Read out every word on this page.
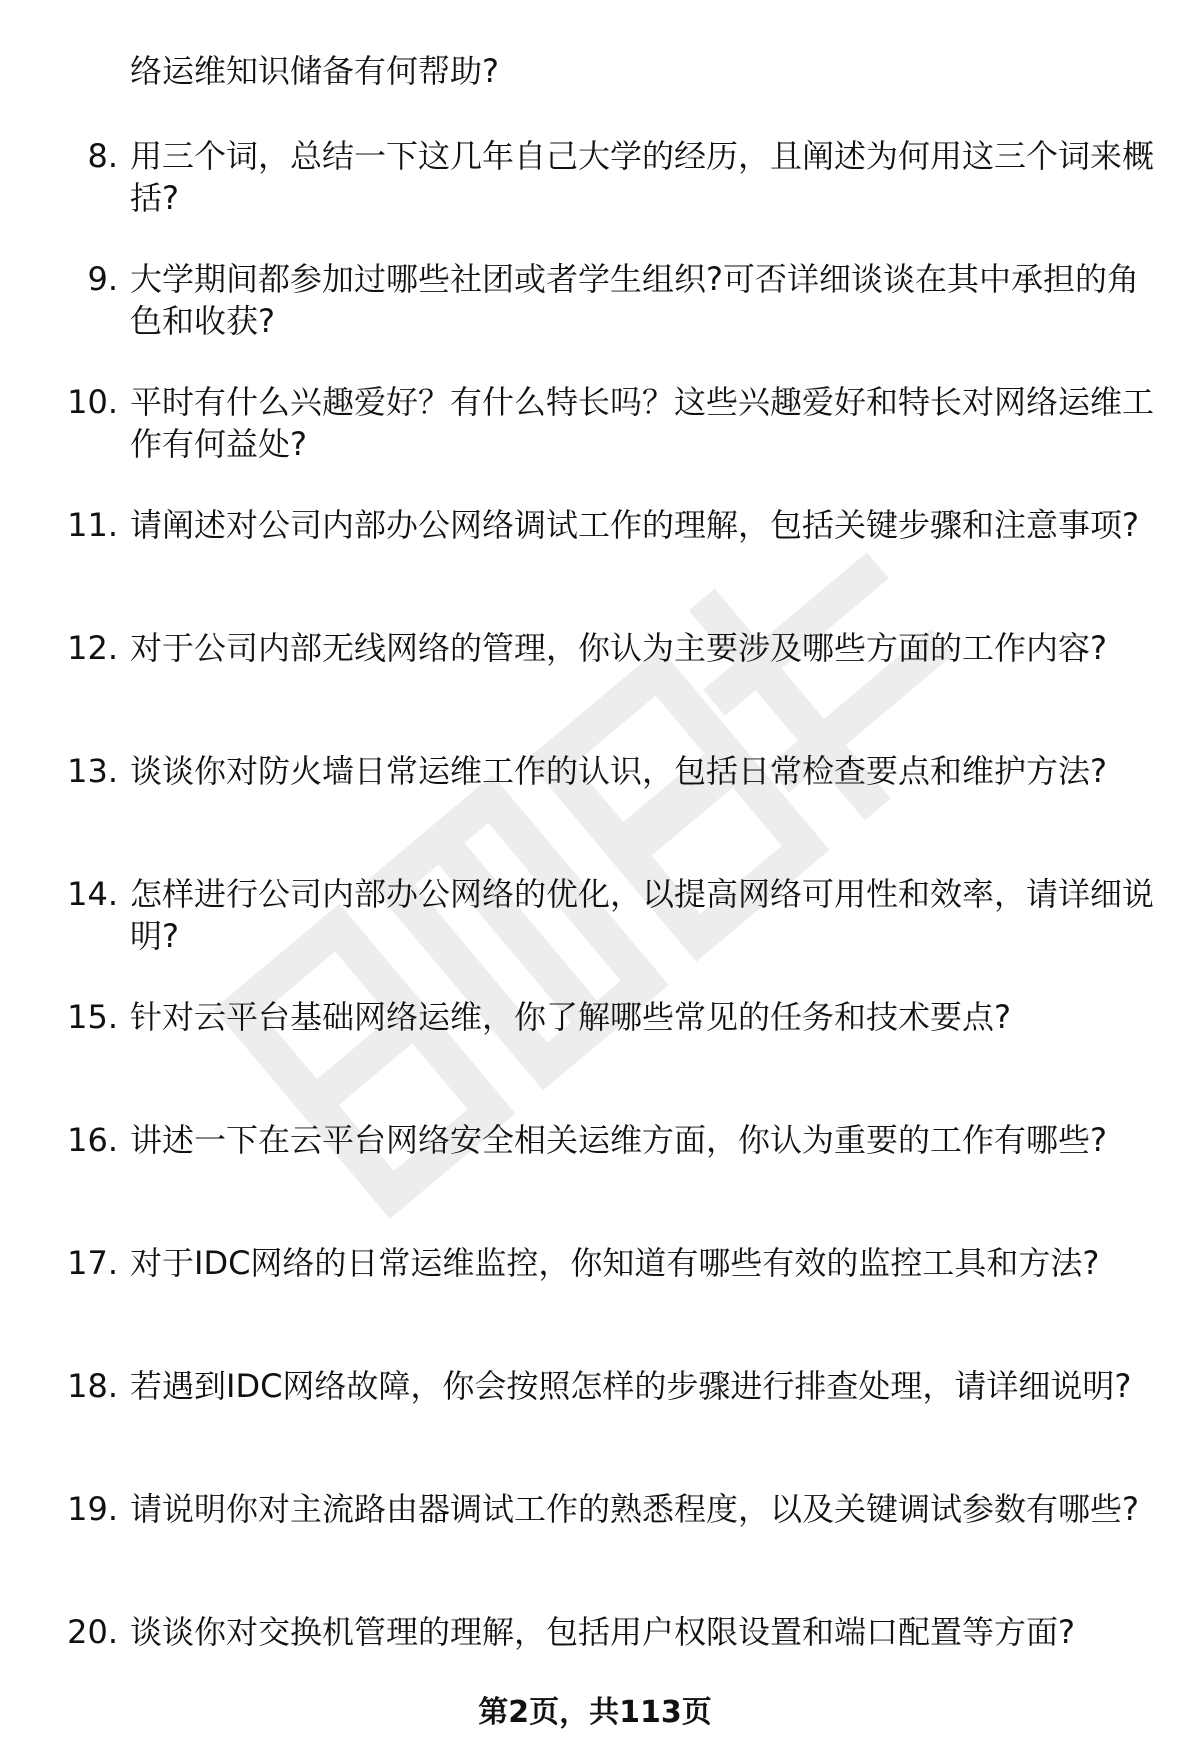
络运维知识储备有何帮助?
8. 用三个词，总结一下这几年自己大学的经历，且阐述为何用这三个词来概括?
9. 大学期间都参加过哪些社团或者学生组织?可否详细谈谈在其中承担的角色和收获?
10. 平时有什么兴趣爱好？有什么特长吗？这些兴趣爱好和特长对网络运维工作有何益处?
11. 请阐述对公司内部办公网络调试工作的理解，包括关键步骤和注意事项?
12. 对于公司内部无线网络的管理，你认为主要涉及哪些方面的工作内容?
13. 谈谈你对防火墙日常运维工作的认识，包括日常检查要点和维护方法?
14. 怎样进行公司内部办公网络的优化，以提高网络可用性和效率，请详细说明?
15. 针对云平台基础网络运维，你了解哪些常见的任务和技术要点?
16. 讲述一下在云平台网络安全相关运维方面，你认为重要的工作有哪些?
17. 对于IDC网络的日常运维监控，你知道有哪些有效的监控工具和方法?
18. 若遇到IDC网络故障，你会按照怎样的步骤进行排查处理，请详细说明?
19. 请说明你对主流路由器调试工作的熟悉程度，以及关键调试参数有哪些?
20. 谈谈你对交换机管理的理解，包括用户权限设置和端口配置等方面?
第2页，共113页
